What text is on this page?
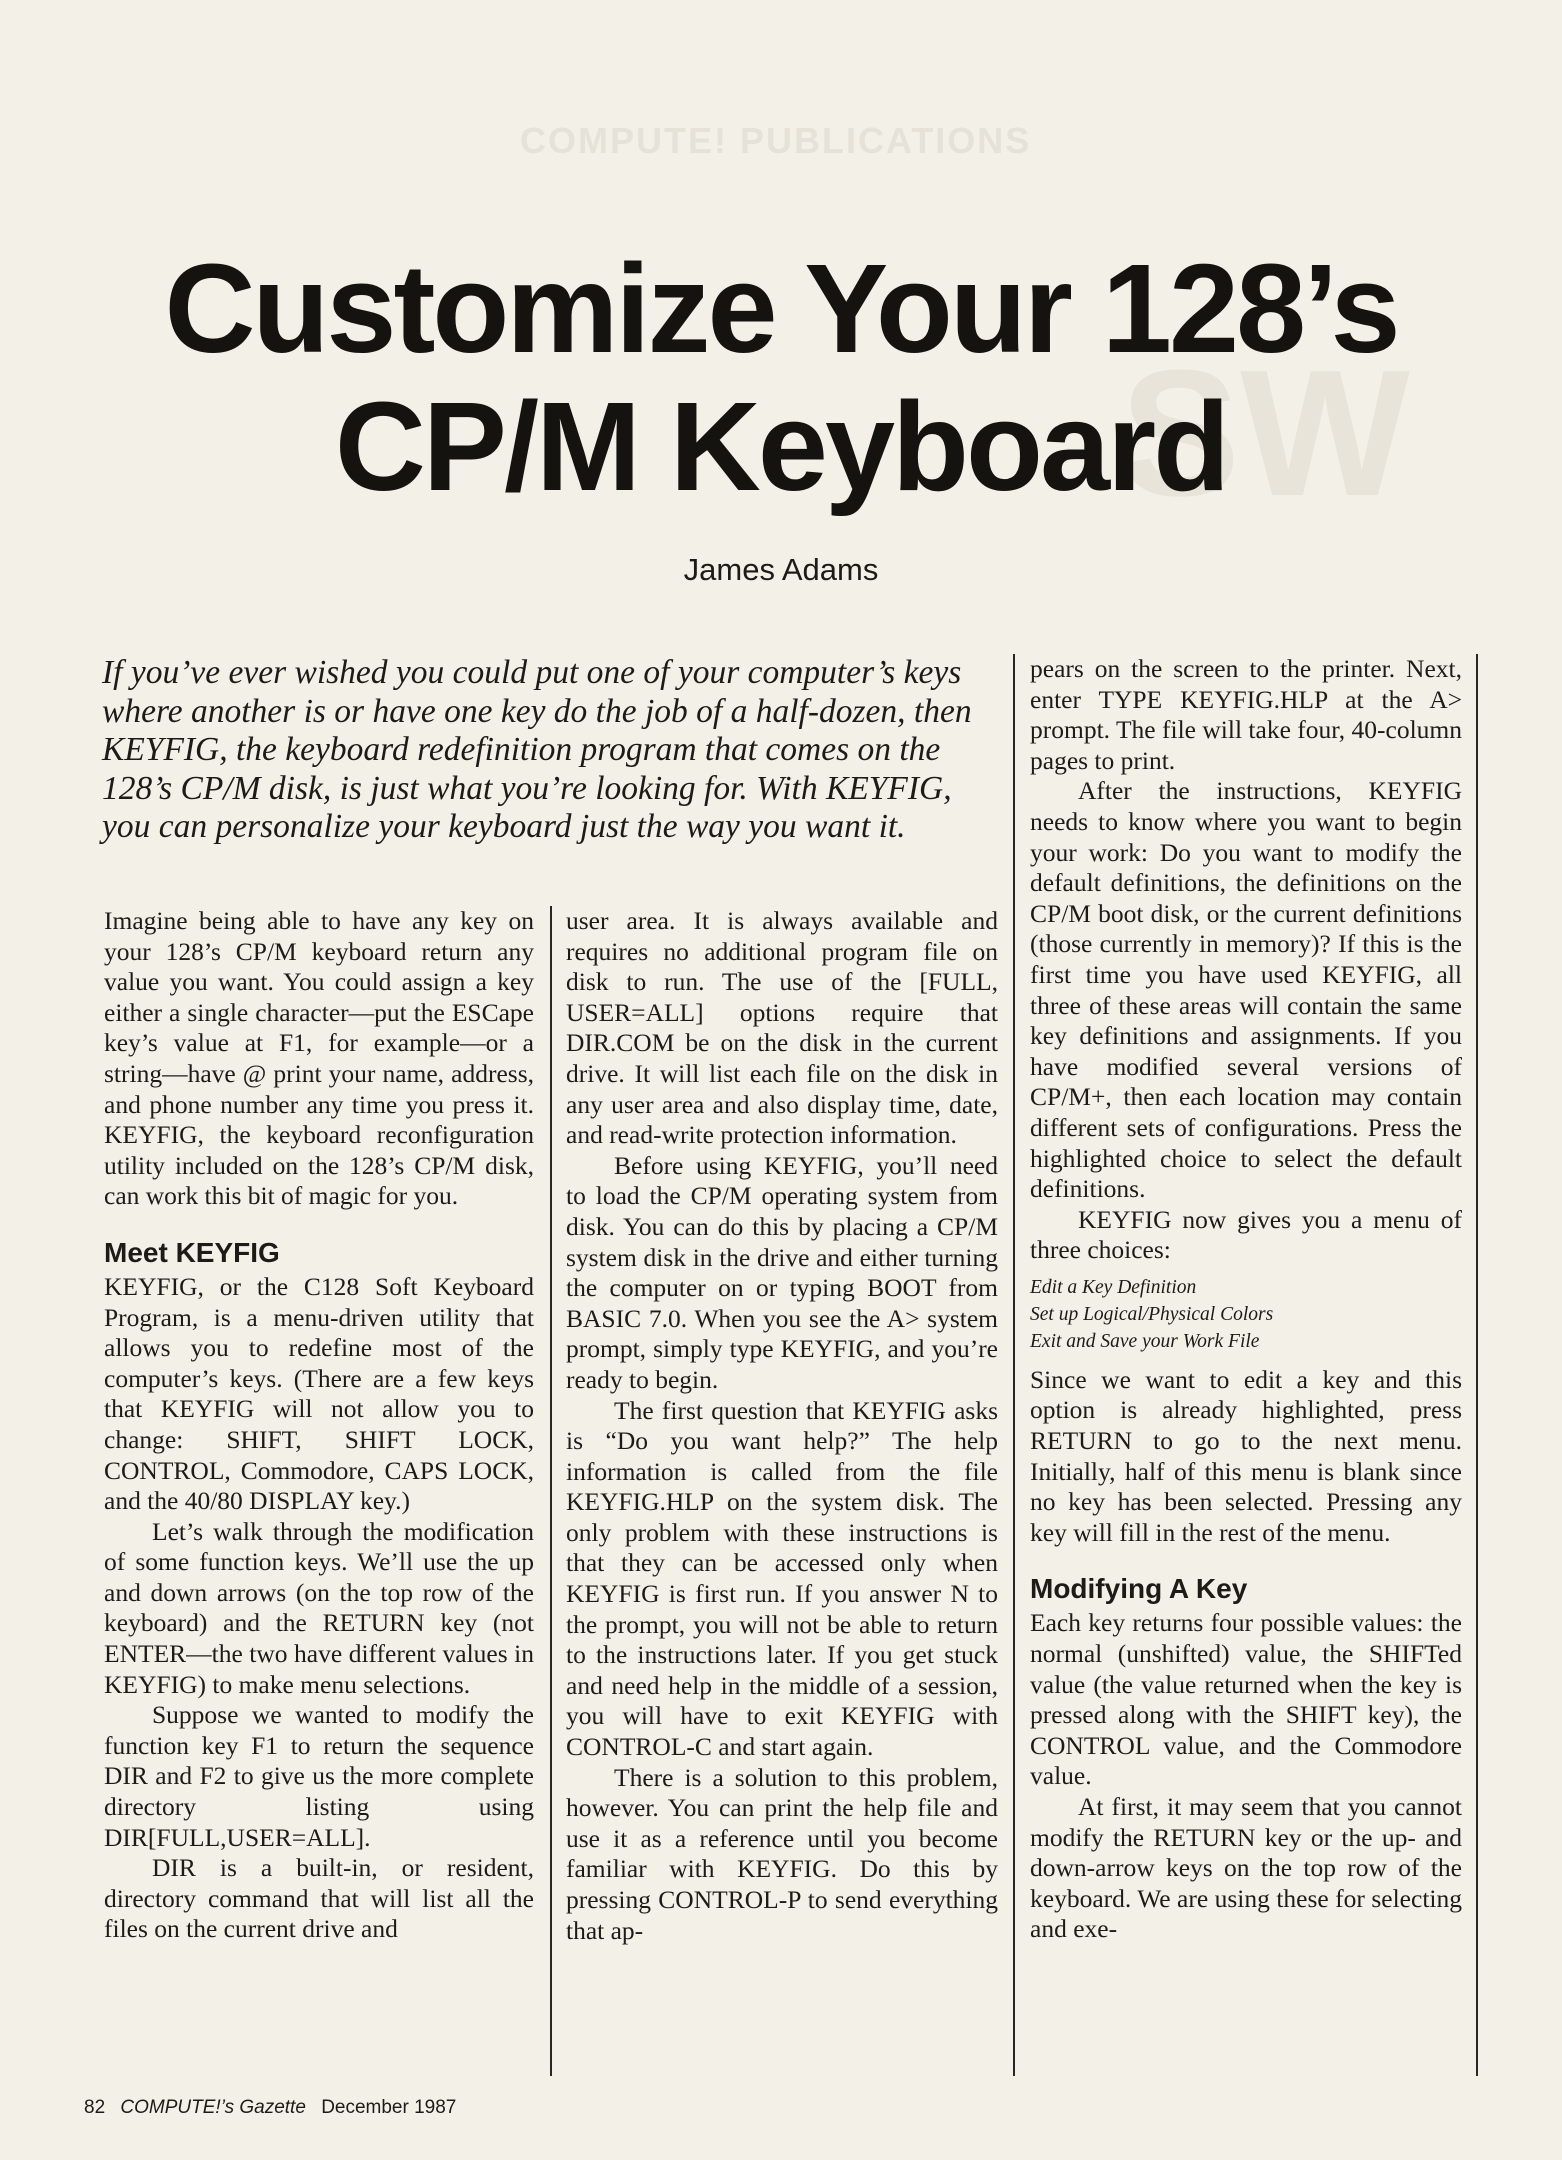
COMPUTE! PUBLICATIONS
SW
Customize Your 128’s
CP/M Keyboard
James Adams
If you’ve ever wished you could put one of your computer’s keys where another is or have one key do the job of a half-dozen, then KEYFIG, the keyboard redefinition program that comes on the 128’s CP/M disk, is just what you’re looking for. With KEYFIG, you can personalize your keyboard just the way you want it.

Imagine being able to have any key on your 128’s CP/M keyboard return any value you want. You could assign a key either a single character—put the ESCape key’s value at F1, for example—or a string—have @ print your name, address, and phone number any time you press it. KEYFIG, the keyboard reconfiguration utility included on the 128’s CP/M disk, can work this bit of magic for you.

Meet KEYFIG

KEYFIG, or the C128 Soft Keyboard Program, is a menu-driven utility that allows you to redefine most of the computer’s keys. (There are a few keys that KEYFIG will not allow you to change: SHIFT, SHIFT LOCK, CONTROL, Commodore, CAPS LOCK, and the 40/80 DISPLAY key.)

Let’s walk through the modification of some function keys. We’ll use the up and down arrows (on the top row of the keyboard) and the RETURN key (not ENTER—the two have different values in KEYFIG) to make menu selections.

Suppose we wanted to modify the function key F1 to return the sequence DIR and F2 to give us the more complete directory listing using DIR[FULL,USER=ALL].

DIR is a built-in, or resident, directory command that will list all the files on the current drive and

user area. It is always available and requires no additional program file on disk to run. The use of the [FULL, USER=ALL] options require that DIR.COM be on the disk in the current drive. It will list each file on the disk in any user area and also display time, date, and read-write protection information.

Before using KEYFIG, you’ll need to load the CP/M operating system from disk. You can do this by placing a CP/M system disk in the drive and either turning the computer on or typing BOOT from BASIC 7.0. When you see the A> system prompt, simply type KEYFIG, and you’re ready to begin.

The first question that KEYFIG asks is “Do you want help?” The help information is called from the file KEYFIG.HLP on the system disk. The only problem with these instructions is that they can be accessed only when KEYFIG is first run. If you answer N to the prompt, you will not be able to return to the instructions later. If you get stuck and need help in the middle of a session, you will have to exit KEYFIG with CONTROL-C and start again.

There is a solution to this problem, however. You can print the help file and use it as a reference until you become familiar with KEYFIG. Do this by pressing CONTROL-P to send everything that ap-

pears on the screen to the printer. Next, enter TYPE KEYFIG.HLP at the A> prompt. The file will take four, 40-column pages to print.

After the instructions, KEYFIG needs to know where you want to begin your work: Do you want to modify the default definitions, the definitions on the CP/M boot disk, or the current definitions (those currently in memory)? If this is the first time you have used KEYFIG, all three of these areas will contain the same key definitions and assignments. If you have modified several versions of CP/M+, then each location may contain different sets of configurations. Press the highlighted choice to select the default definitions.

KEYFIG now gives you a menu of three choices:

Edit a Key Definition
Set up Logical/Physical Colors
Exit and Save your Work File

Since we want to edit a key and this option is already highlighted, press RETURN to go to the next menu. Initially, half of this menu is blank since no key has been selected. Pressing any key will fill in the rest of the menu.

Modifying A Key

Each key returns four possible values: the normal (unshifted) value, the SHIFTed value (the value returned when the key is pressed along with the SHIFT key), the CONTROL value, and the Commodore value.

At first, it may seem that you cannot modify the RETURN key or the up- and down-arrow keys on the top row of the keyboard. We are using these for selecting and exe-

82 COMPUTE!’s Gazette December 1987
